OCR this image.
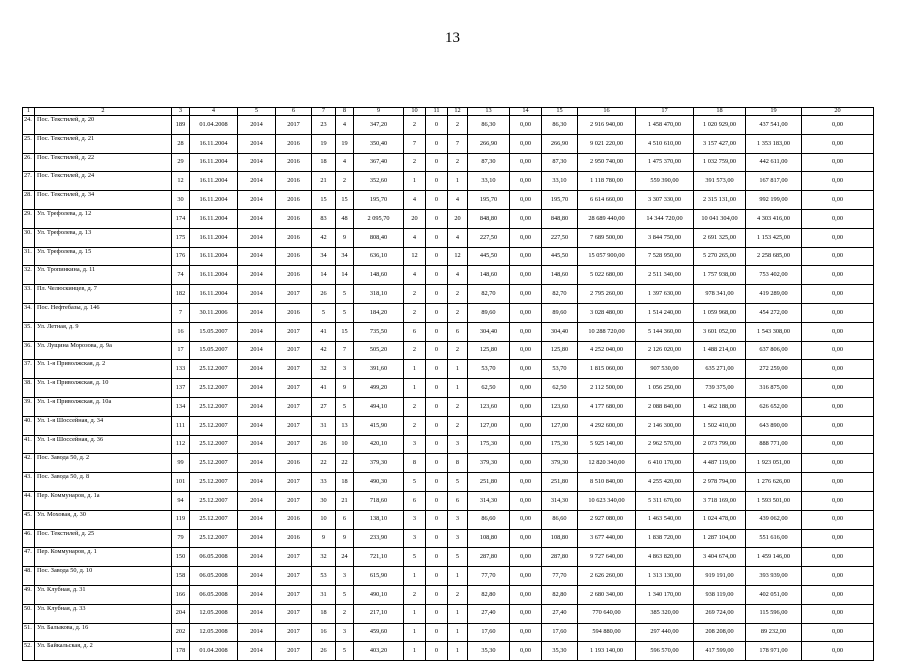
13
1	2	3	4	5	6	7	8	9	10	11	12	13	14	15	16	17	18	19	20
24.	Пос. Текстилей, д. 20	189	01.04.2008	2014	2017	23	4	347,20	2	0	2	86,30	0,00	86,30	2 916 940,00	1 458 470,00	1 020 929,00	437 541,00	0,00
25.	Пос. Текстилей, д. 21	28	16.11.2004	2014	2016	19	19	350,40	7	0	7	266,90	0,00	266,90	9 021 220,00	4 510 610,00	3 157 427,00	1 353 183,00	0,00
26.	Пос. Текстилей, д. 22	29	16.11.2004	2014	2016	18	4	367,40	2	0	2	87,30	0,00	87,30	2 950 740,00	1 475 370,00	1 032 759,00	442 611,00	0,00
27.	Пос. Текстилей, д. 24	12	16.11.2004	2014	2016	21	2	352,60	1	0	1	33,10	0,00	33,10	1 118 780,00	559 390,00	391 573,00	167 817,00	0,00
28.	Пос. Текстилей, д. 34	30	16.11.2004	2014	2016	15	15	195,70	4	0	4	195,70	0,00	195,70	6 614 660,00	3 307 330,00	2 315 131,00	992 199,00	0,00
29.	Ул. Трефолева, д. 12	174	16.11.2004	2014	2016	83	48	2 095,70	20	0	20	848,80	0,00	848,80	28 689 440,00	14 344 720,00	10 041 304,00	4 303 416,00	0,00
30.	Ул. Трефолева, д. 13	175	16.11.2004	2014	2016	42	9	808,40	4	0	4	227,50	0,00	227,50	7 689 500,00	3 844 750,00	2 691 325,00	1 153 425,00	0,00
31.	Ул. Трефолева, д. 15	176	16.11.2004	2014	2016	34	34	636,10	12	0	12	445,50	0,00	445,50	15 057 900,00	7 528 950,00	5 270 265,00	2 258 685,00	0,00
32.	Ул. Тропинкина, д. 11	74	16.11.2004	2014	2016	14	14	148,60	4	0	4	148,60	0,00	148,60	5 022 680,00	2 511 340,00	1 757 938,00	753 402,00	0,00
33.	Пл. Челюскинцев, д. 7	182	16.11.2004	2014	2017	26	5	318,10	2	0	2	82,70	0,00	82,70	2 795 260,00	1 397 630,00	978 341,00	419 289,00	0,00
34.	Пос. Нефтебазы, д. 146	7	30.11.2006	2014	2016	5	5	184,20	2	0	2	89,60	0,00	89,60	3 028 480,00	1 514 240,00	1 059 968,00	454 272,00	0,00
35.	Ул. Летная, д. 9	16	15.05.2007	2014	2017	41	15	735,50	6	0	6	304,40	0,00	304,40	10 288 720,00	5 144 360,00	3 601 052,00	1 543 308,00	0,00
36.	Ул. Лущина Морозова, д. 9а	17	15.05.2007	2014	2017	42	7	505,20	2	0	2	125,80	0,00	125,80	4 252 040,00	2 126 020,00	1 488 214,00	637 806,00	0,00
37.	Ул. 1-я Приволжская, д. 2	133	25.12.2007	2014	2017	32	3	391,60	1	0	1	53,70	0,00	53,70	1 815 060,00	907 530,00	635 271,00	272 259,00	0,00
38.	Ул. 1-я Приволжская, д. 10	137	25.12.2007	2014	2017	41	9	499,20	1	0	1	62,50	0,00	62,50	2 112 500,00	1 056 250,00	739 375,00	316 875,00	0,00
39.	Ул. 1-я Приволжская, д. 10а	134	25.12.2007	2014	2017	27	5	494,10	2	0	2	123,60	0,00	123,60	4 177 680,00	2 088 840,00	1 462 188,00	626 652,00	0,00
40.	Ул. 1-я Шоссейная, д. 34	111	25.12.2007	2014	2017	31	13	415,90	2	0	2	127,00	0,00	127,00	4 292 600,00	2 146 300,00	1 502 410,00	643 890,00	0,00
41.	Ул. 1-я Шоссейная, д. 36	112	25.12.2007	2014	2017	26	10	420,10	3	0	3	175,30	0,00	175,30	5 925 140,00	2 962 570,00	2 073 799,00	888 771,00	0,00
42.	Пос. Завода 50, д. 2	99	25.12.2007	2014	2016	22	22	379,30	8	0	8	379,30	0,00	379,30	12 820 340,00	6 410 170,00	4 487 119,00	1 923 051,00	0,00
43.	Пос. Завода 50, д. 8	101	25.12.2007	2014	2017	33	18	490,30	5	0	5	251,80	0,00	251,80	8 510 840,00	4 255 420,00	2 978 794,00	1 276 626,00	0,00
44.	Пер. Коммунаров, д. 1а	94	25.12.2007	2014	2017	30	21	718,60	6	0	6	314,30	0,00	314,30	10 623 340,00	5 311 670,00	3 718 169,00	1 593 501,00	0,00
45.	Ул. Моховая, д. 30	119	25.12.2007	2014	2016	10	6	138,10	3	0	3	86,60	0,00	86,60	2 927 080,00	1 463 540,00	1 024 478,00	439 062,00	0,00
46.	Пос. Текстилей, д. 25	79	25.12.2007	2014	2016	9	9	233,90	3	0	3	108,80	0,00	108,80	3 677 440,00	1 838 720,00	1 287 104,00	551 616,00	0,00
47.	Пер. Коммунаров, д. 1	150	06.05.2008	2014	2017	32	24	721,10	5	0	5	287,80	0,00	287,80	9 727 640,00	4 863 820,00	3 404 674,00	1 459 146,00	0,00
48.	Пос. Завода 50, д. 10	158	06.05.2008	2014	2017	53	3	615,90	1	0	1	77,70	0,00	77,70	2 626 260,00	1 313 130,00	919 191,00	393 939,00	0,00
49.	Ул. Клубная, д. 31	166	06.05.2008	2014	2017	31	5	490,10	2	0	2	82,80	0,00	82,80	2 680 340,00	1 340 170,00	938 119,00	402 051,00	0,00
50.	Ул. Клубная, д. 33	204	12.05.2008	2014	2017	18	2	217,10	1	0	1	27,40	0,00	27,40	770 640,00	385 320,00	269 724,00	115 596,00	0,00
51.	Ул. Балыкова, д. 16	202	12.05.2008	2014	2017	16	3	459,60	1	0	1	17,60	0,00	17,60	594 880,00	297 440,00	208 208,00	89 232,00	0,00
52.	Ул. Байкальская, д. 2	178	01.04.2008	2014	2017	26	5	403,20	1	0	1	35,30	0,00	35,30	1 193 140,00	596 570,00	417 599,00	178 971,00	0,00
